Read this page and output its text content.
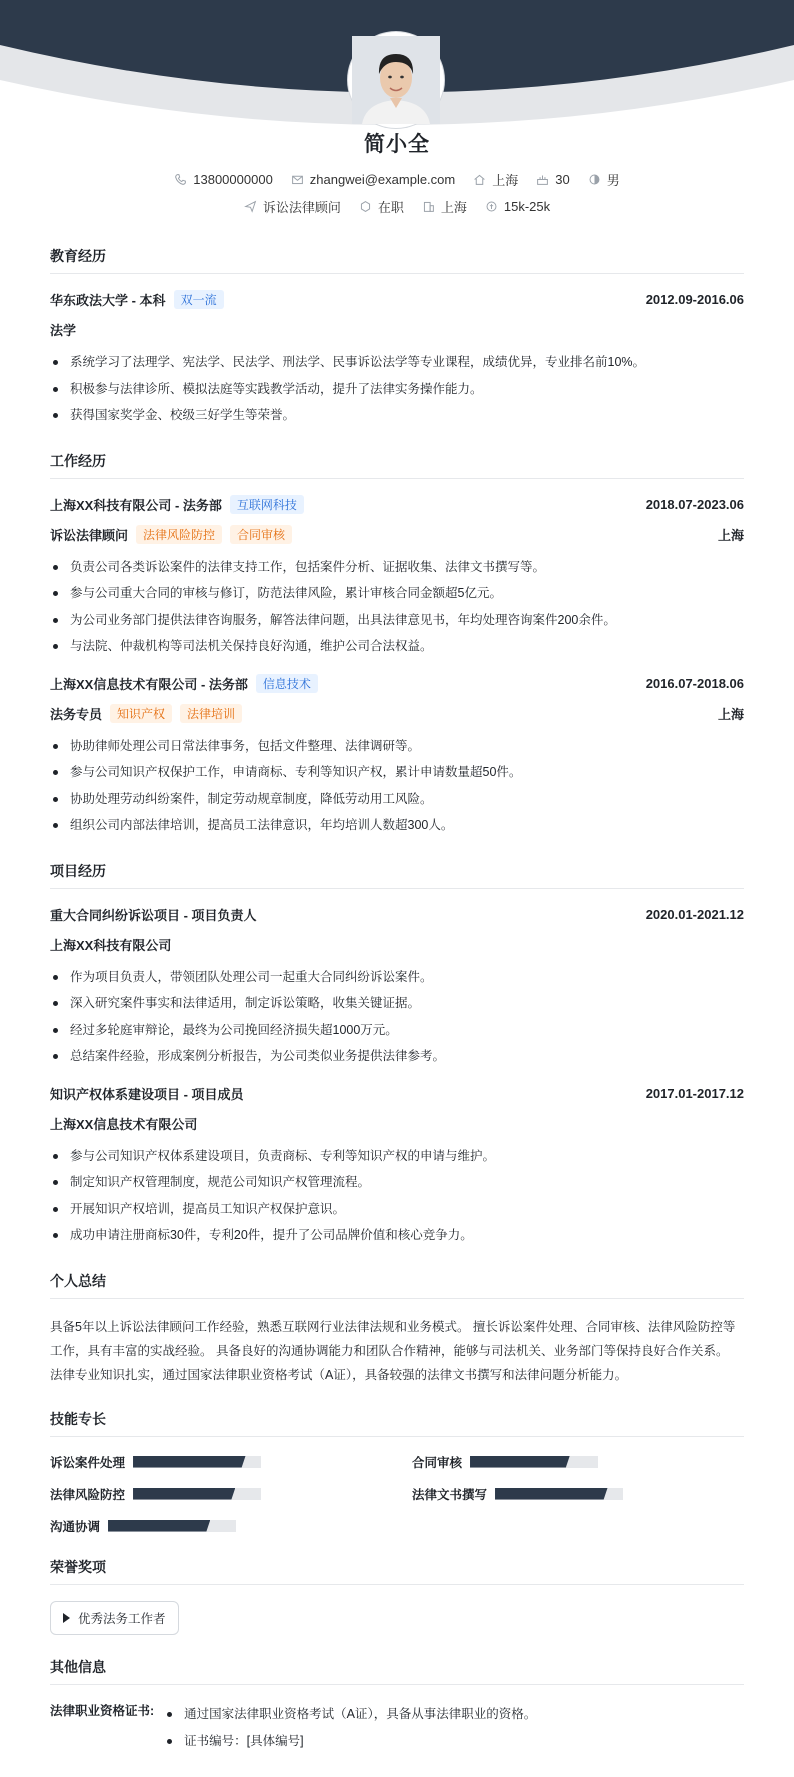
简小全
13800000000	zhangwei@example.com	上海	30	男
诉讼法律顾问	在职	上海	15k-25k
教育经历
华东政法大学 - 本科	双一流	2012.09-2016.06
法学
系统学习了法理学、宪法学、民法学、刑法学、民事诉讼法学等专业课程，成绩优异，专业排名前10%。
积极参与法律诊所、模拟法庭等实践教学活动，提升了法律实务操作能力。
获得国家奖学金、校级三好学生等荣誉。
工作经历
上海XX科技有限公司 - 法务部	互联网科技	2018.07-2023.06
诉讼法律顾问	法律风险防控	合同审核	上海
负责公司各类诉讼案件的法律支持工作，包括案件分析、证据收集、法律文书撰写等。
参与公司重大合同的审核与修订，防范法律风险，累计审核合同金额超5亿元。
为公司业务部门提供法律咨询服务，解答法律问题，出具法律意见书，年均处理咨询案件200余件。
与法院、仲裁机构等司法机关保持良好沟通，维护公司合法权益。
上海XX信息技术有限公司 - 法务部	信息技术	2016.07-2018.06
法务专员	知识产权	法律培训	上海
协助律师处理公司日常法律事务，包括文件整理、法律调研等。
参与公司知识产权保护工作，申请商标、专利等知识产权，累计申请数量超50件。
协助处理劳动纠纷案件，制定劳动规章制度，降低劳动用工风险。
组织公司内部法律培训，提高员工法律意识，年均培训人数超300人。
项目经历
重大合同纠纷诉讼项目 - 项目负责人	2020.01-2021.12
上海XX科技有限公司
作为项目负责人，带领团队处理公司一起重大合同纠纷诉讼案件。
深入研究案件事实和法律适用，制定诉讼策略，收集关键证据。
经过多轮庭审辩论，最终为公司挽回经济损失超1000万元。
总结案件经验，形成案例分析报告，为公司类似业务提供法律参考。
知识产权体系建设项目 - 项目成员	2017.01-2017.12
上海XX信息技术有限公司
参与公司知识产权体系建设项目，负责商标、专利等知识产权的申请与维护。
制定知识产权管理制度，规范公司知识产权管理流程。
开展知识产权培训，提高员工知识产权保护意识。
成功申请注册商标30件，专利20件，提升了公司品牌价值和核心竞争力。
个人总结

具备5年以上诉讼法律顾问工作经验，熟悉互联网行业法律法规和业务模式。 擅长诉讼案件处理、合同审核、法律风险防控等工作，具有丰富的实战经验。 具备良好的沟通协调能力和团队合作精神，能够与司法机关、业务部门等保持良好合作关系。 法律专业知识扎实，通过国家法律职业资格考试（A证），具备较强的法律文书撰写和法律问题分析能力。

技能专长
诉讼案件处理	合同审核
法律风险防控	法律文书撰写
沟通协调
荣誉奖项
优秀法务工作者
其他信息
法律职业资格证书:	通过国家法律职业资格考试（A证），具备从事法律职业的资格。
证书编号：[具体编号]
